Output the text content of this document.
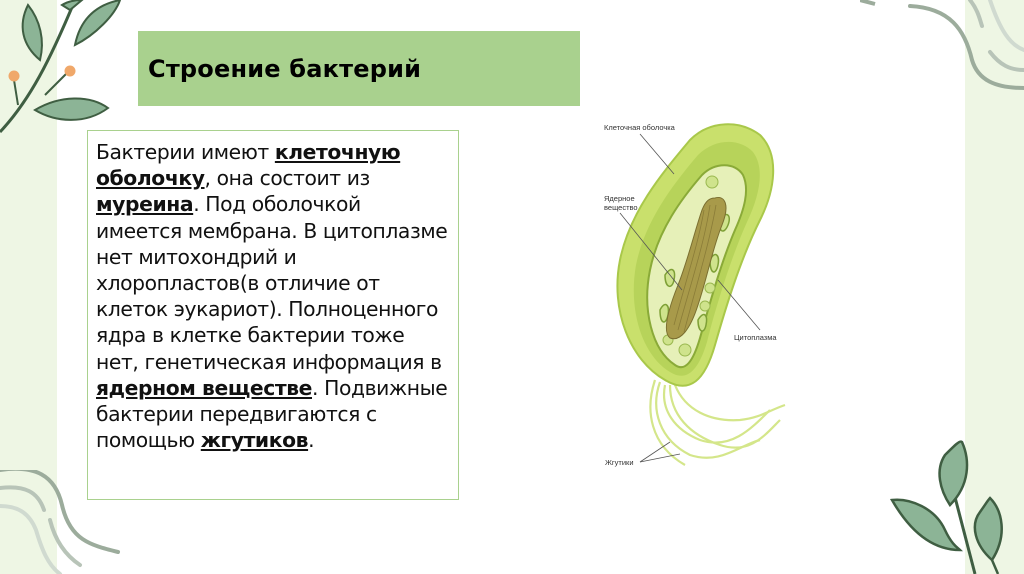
Строение бактерий

Бактерии имеют клеточную оболочку, она состоит из муреина. Под оболочкой имеется мембрана. В цитоплазме нет митохондрий и хлоропластов(в отличие от клеток эукариот). Полноценного ядра в клетке бактерии тоже нет, генетическая информация в ядерном веществе. Подвижные бактерии передвигаются с помощью жгутиков.

Клеточная оболочка
Ядерное
вещество
Цитоплазма
Жгутики
